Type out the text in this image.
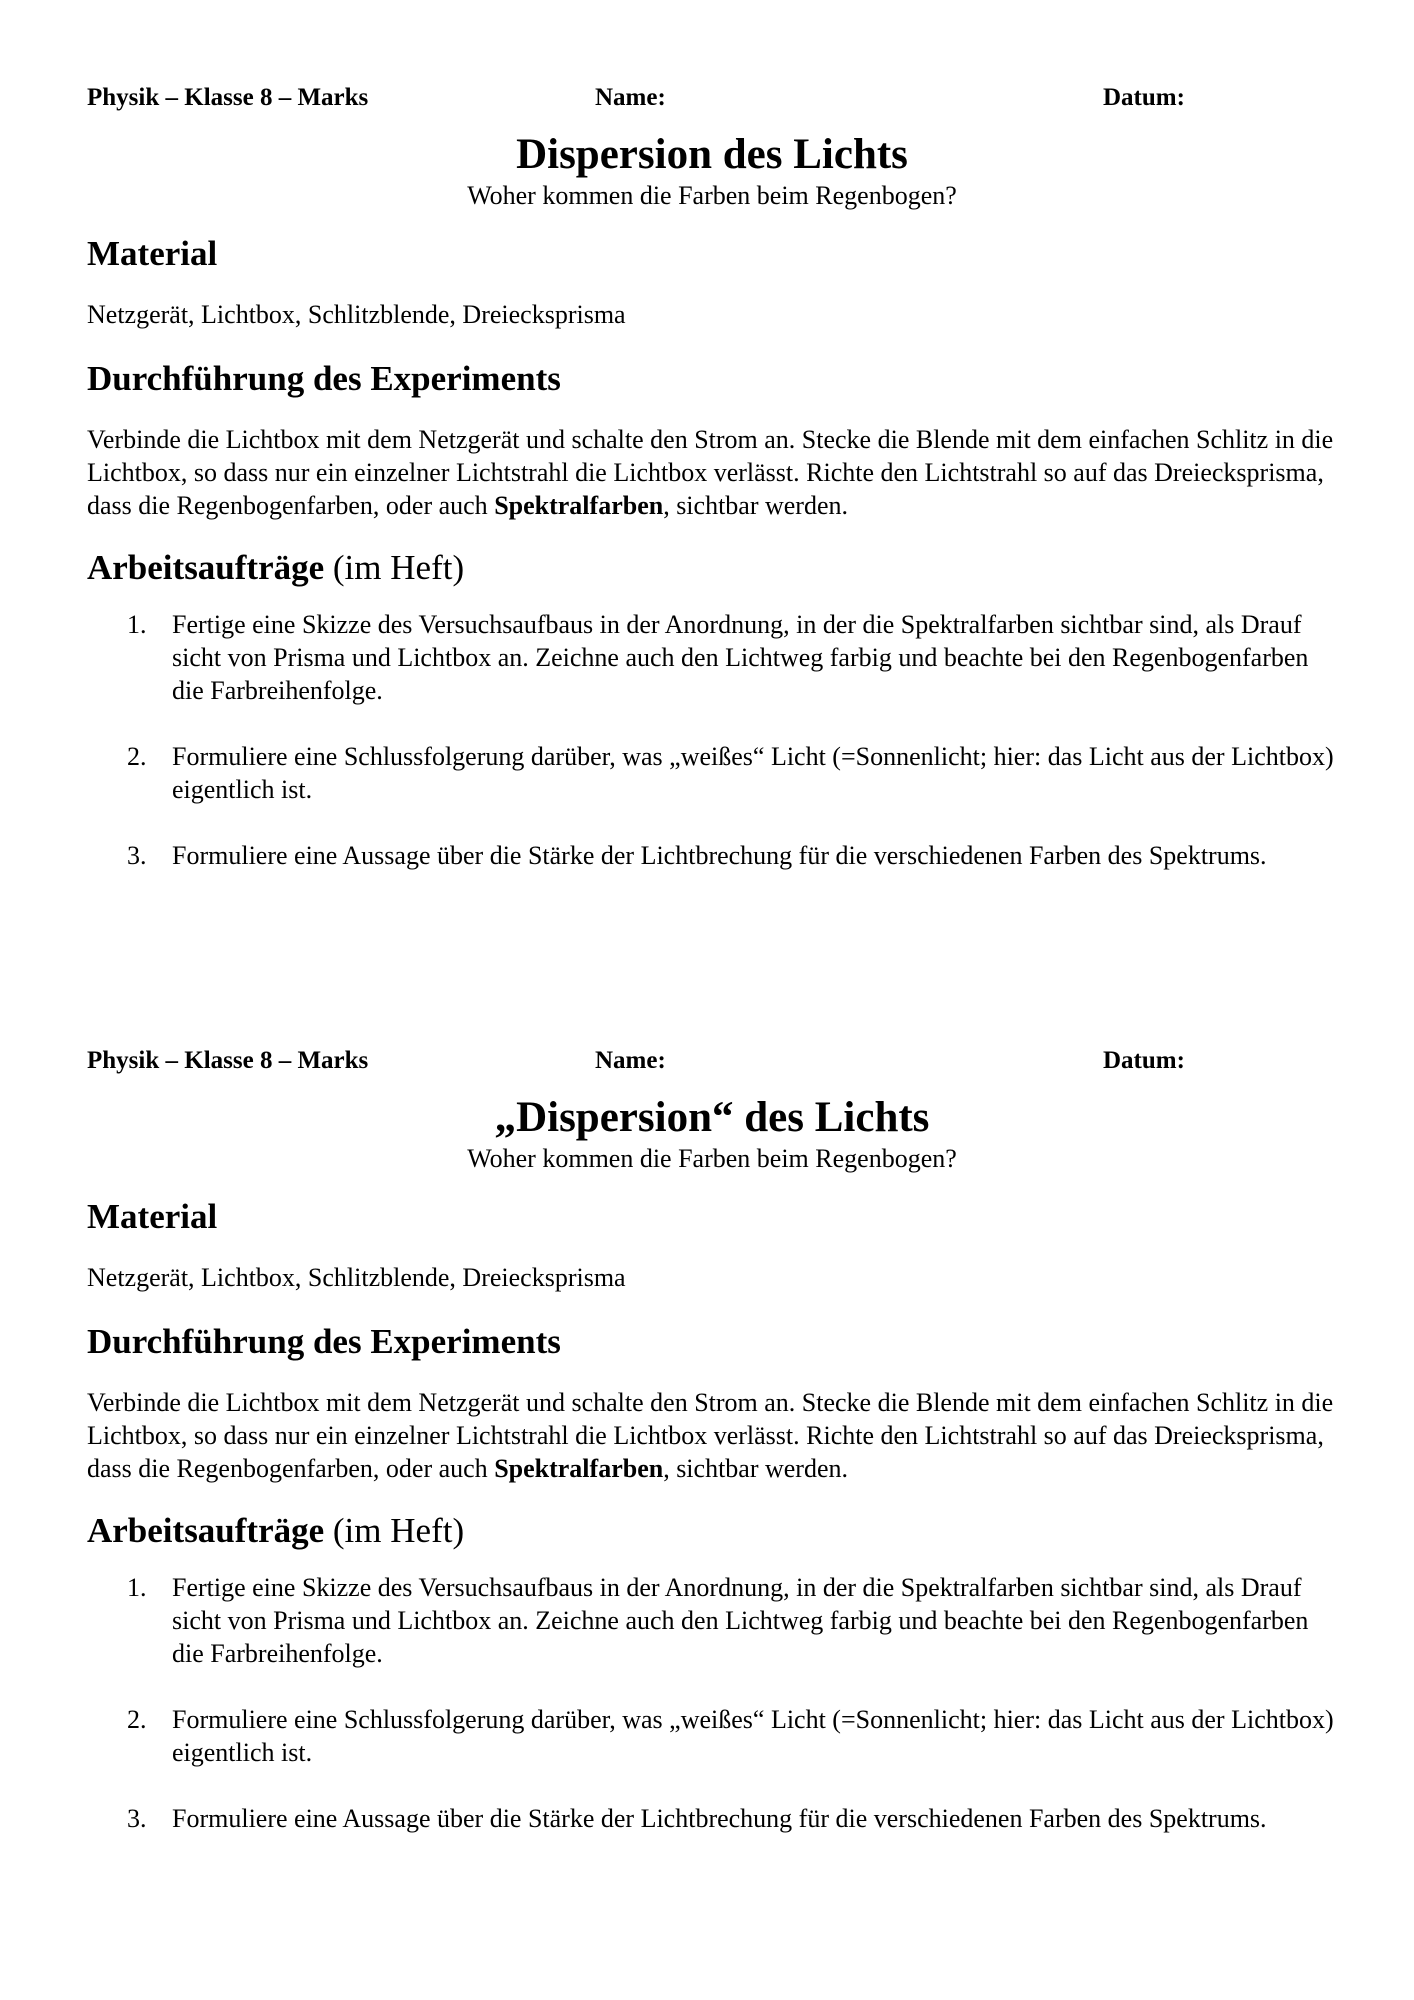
Physik – Klasse 8 – Marks	Name:	Datum:
Dispersion des Lichts

Woher kommen die Farben beim Regenbogen?

Material

Netzgerät, Lichtbox, Schlitzblende, Dreiecksprisma

Durchführung des Experiments

Verbinde die Lichtbox mit dem Netzgerät und schalte den Strom an. Stecke die Blende mit dem einfachen Schlitz in die Lichtbox, so dass nur ein einzelner Lichtstrahl die Lichtbox verlässt. Richte den Lichtstrahl so auf das Dreiecksprisma, dass die Regenbogenfarben, oder auch Spektralfarben, sichtbar werden.

Arbeitsaufträge (im Heft)
1. Fertige eine Skizze des Versuchsaufbaus in der Anordnung, in der die Spektralfarben sichtbar sind, als Drauf sicht von Prisma und Lichtbox an. Zeichne auch den Lichtweg farbig und beachte bei den Regenbogenfarben die Farbreihenfolge.
2. Formuliere eine Schlussfolgerung darüber, was „weißes“ Licht (=Sonnenlicht; hier: das Licht aus der Lichtbox) eigentlich ist.
3. Formuliere eine Aussage über die Stärke der Lichtbrechung für die verschiedenen Farben des Spektrums.
Physik – Klasse 8 – Marks	Name:	Datum:
„Dispersion“ des Lichts

Woher kommen die Farben beim Regenbogen?

Material

Netzgerät, Lichtbox, Schlitzblende, Dreiecksprisma

Durchführung des Experiments

Verbinde die Lichtbox mit dem Netzgerät und schalte den Strom an. Stecke die Blende mit dem einfachen Schlitz in die Lichtbox, so dass nur ein einzelner Lichtstrahl die Lichtbox verlässt. Richte den Lichtstrahl so auf das Dreiecksprisma, dass die Regenbogenfarben, oder auch Spektralfarben, sichtbar werden.

Arbeitsaufträge (im Heft)
1. Fertige eine Skizze des Versuchsaufbaus in der Anordnung, in der die Spektralfarben sichtbar sind, als Drauf sicht von Prisma und Lichtbox an. Zeichne auch den Lichtweg farbig und beachte bei den Regenbogenfarben die Farbreihenfolge.
2. Formuliere eine Schlussfolgerung darüber, was „weißes“ Licht (=Sonnenlicht; hier: das Licht aus der Lichtbox) eigentlich ist.
3. Formuliere eine Aussage über die Stärke der Lichtbrechung für die verschiedenen Farben des Spektrums.
